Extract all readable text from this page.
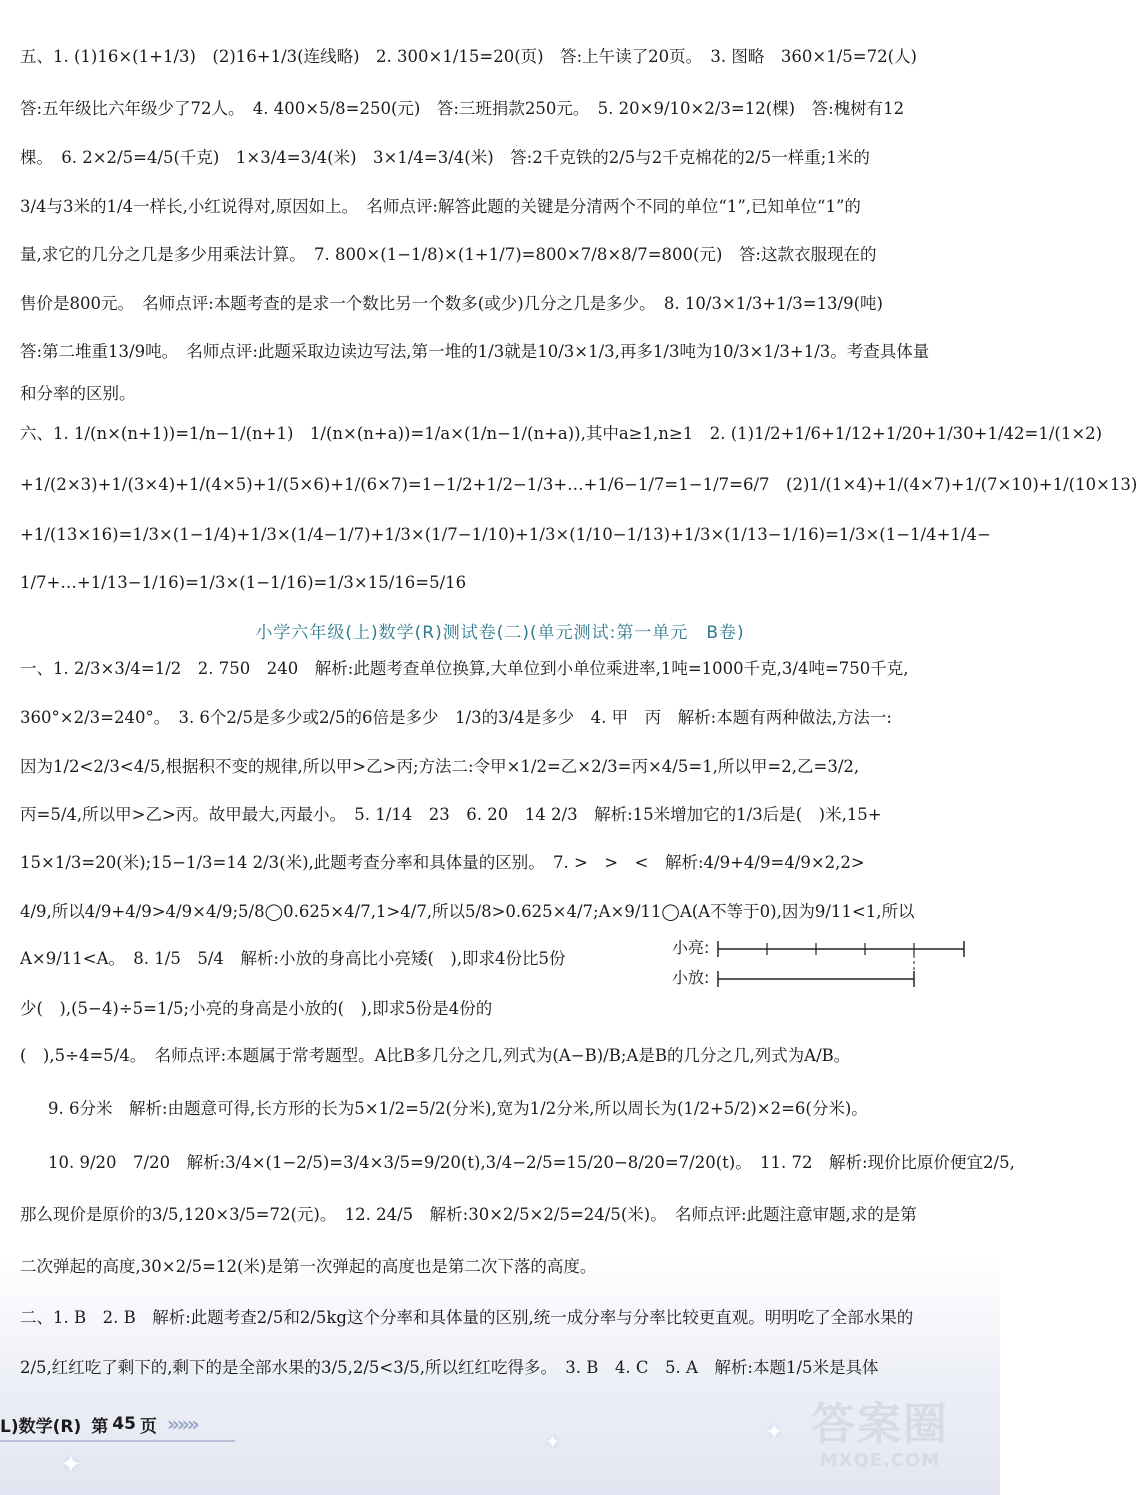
五、1. (1)16×(1+1/3)　(2)16+1/3(连线略)　2. 300×1/15=20(页)　答:上午读了20页。　3. 图略　360×1/5=72(人)
答:五年级比六年级少了72人。　4. 400×5/8=250(元)　答:三班捐款250元。　5. 20×9/10×2/3=12(棵)　答:槐树有12
棵。　6. 2×2/5=4/5(千克)　1×3/4=3/4(米)　3×1/4=3/4(米)　答:2千克铁的2/5与2千克棉花的2/5一样重;1米的
3/4与3米的1/4一样长,小红说得对,原因如上。　名师点评:解答此题的关键是分清两个不同的单位“1”,已知单位“1”的
量,求它的几分之几是多少用乘法计算。　7. 800×(1−1/8)×(1+1/7)=800×7/8×8/7=800(元)　答:这款衣服现在的
售价是800元。　名师点评:本题考查的是求一个数比另一个数多(或少)几分之几是多少。　8. 10/3×1/3+1/3=13/9(吨)
答:第二堆重13/9吨。　名师点评:此题采取边读边写法,第一堆的1/3就是10/3×1/3,再多1/3吨为10/3×1/3+1/3。考查具体量
和分率的区别。
六、1. 1/(n×(n+1))=1/n−1/(n+1)　1/(n×(n+a))=1/a×(1/n−1/(n+a)),其中a≥1,n≥1　2. (1)1/2+1/6+1/12+1/20+1/30+1/42=1/(1×2)
+1/(2×3)+1/(3×4)+1/(4×5)+1/(5×6)+1/(6×7)=1−1/2+1/2−1/3+…+1/6−1/7=1−1/7=6/7　(2)1/(1×4)+1/(4×7)+1/(7×10)+1/(10×13)
+1/(13×16)=1/3×(1−1/4)+1/3×(1/4−1/7)+1/3×(1/7−1/10)+1/3×(1/10−1/13)+1/3×(1/13−1/16)=1/3×(1−1/4+1/4−
1/7+…+1/13−1/16)=1/3×(1−1/16)=1/3×15/16=5/16
小学六年级(上)数学(R)测试卷(二)(单元测试:第一单元　B卷)
一、1. 2/3×3/4=1/2　2. 750　240　解析:此题考查单位换算,大单位到小单位乘进率,1吨=1000千克,3/4吨=750千克,
360°×2/3=240°。　3. 6个2/5是多少或2/5的6倍是多少　1/3的3/4是多少　4. 甲　丙　解析:本题有两种做法,方法一:
因为1/2<2/3<4/5,根据积不变的规律,所以甲>乙>丙;方法二:令甲×1/2=乙×2/3=丙×4/5=1,所以甲=2,乙=3/2,
丙=5/4,所以甲>乙>丙。故甲最大,丙最小。　5. 1/14　23　6. 20　14 2/3　解析:15米增加它的1/3后是(　)米,15+
15×1/3=20(米);15−1/3=14 2/3(米),此题考查分率和具体量的区别。　7. >　>　<　解析:4/9+4/9=4/9×2,2>
4/9,所以4/9+4/9>4/9×4/9;5/8◯0.625×4/7,1>4/7,所以5/8>0.625×4/7;A×9/11◯A(A不等于0),因为9/11<1,所以
A×9/11<A。　8. 1/5　5/4　解析:小放的身高比小亮矮(　),即求4份比5份
少(　),(5−4)÷5=1/5;小亮的身高是小放的(　),即求5份是4份的
小亮:
小放:
(　),5÷4=5/4。　名师点评:本题属于常考题型。A比B多几分之几,列式为(A−B)/B;A是B的几分之几,列式为A/B。
9. 6分米　解析:由题意可得,长方形的长为5×1/2=5/2(分米),宽为1/2分米,所以周长为(1/2+5/2)×2=6(分米)。
10. 9/20　7/20　解析:3/4×(1−2/5)=3/4×3/5=9/20(t),3/4−2/5=15/20−8/20=7/20(t)。　11. 72　解析:现价比原价便宜2/5,
那么现价是原价的3/5,120×3/5=72(元)。　12. 24/5　解析:30×2/5×2/5=24/5(米)。　名师点评:此题注意审题,求的是第
二次弹起的高度,30×2/5=12(米)是第一次弹起的高度也是第二次下落的高度。
二、1. B　2. B　解析:此题考查2/5和2/5kg这个分率和具体量的区别,统一成分率与分率比较更直观。明明吃了全部水果的
2/5,红红吃了剩下的,剩下的是全部水果的3/5,2/5<3/5,所以红红吃得多。　3. B　4. C　5. A　解析:本题1/5米是具体
L)数学(R) 第 45 页 »»»
✦
✦	✦ 答案圈
MXQE.COM
